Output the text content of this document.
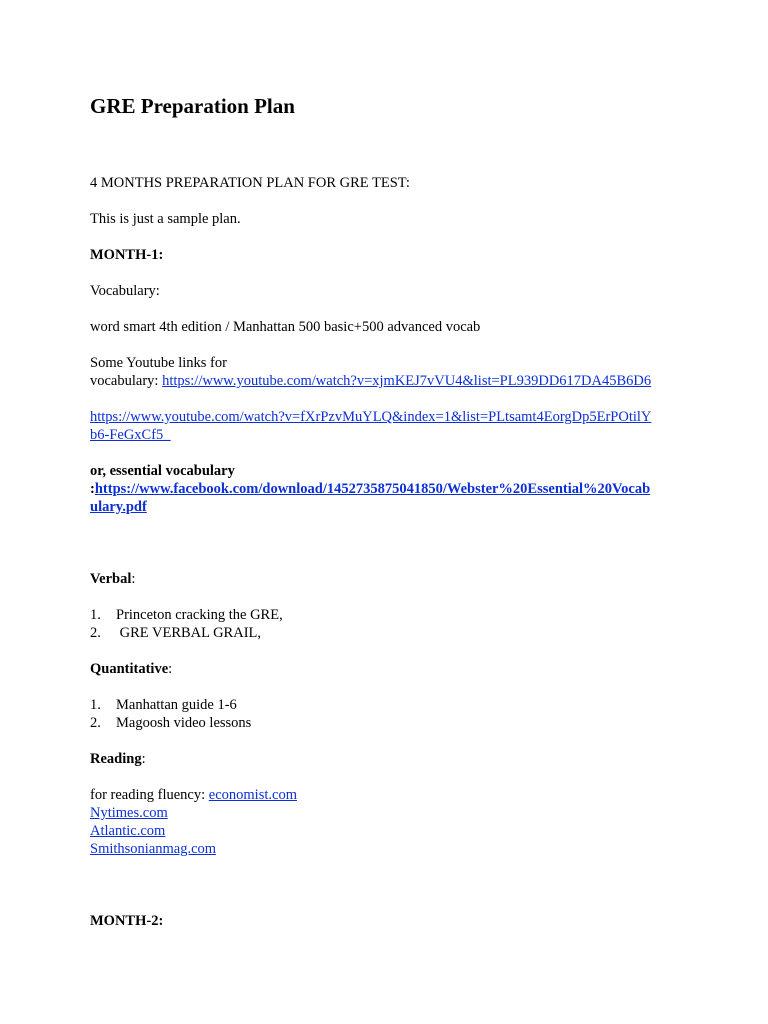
GRE Preparation Plan
4 MONTHS PREPARATION PLAN FOR GRE TEST:
This is just a sample plan.
MONTH-1:
Vocabulary:
word smart 4th edition / Manhattan 500 basic+500 advanced vocab
Some Youtube links for
vocabulary: https://www.youtube.com/watch?v=xjmKEJ7vVU4&list=PL939DD617DA45B6D6
https://www.youtube.com/watch?v=fXrPzvMuYLQ&index=1&list=PLtsamt4EorgDp5ErPOtilY
b6-FeGxCf5_
or, essential vocabulary
:https://www.facebook.com/download/1452735875041850/Webster%20Essential%20Vocab
ulary.pdf
Verbal:
1. Princeton cracking the GRE,
2. GRE VERBAL GRAIL,
Quantitative:
1. Manhattan guide 1-6
2. Magoosh video lessons
Reading:
for reading fluency: economist.com
Nytimes.com
Atlantic.com
Smithsonianmag.com
MONTH-2:
